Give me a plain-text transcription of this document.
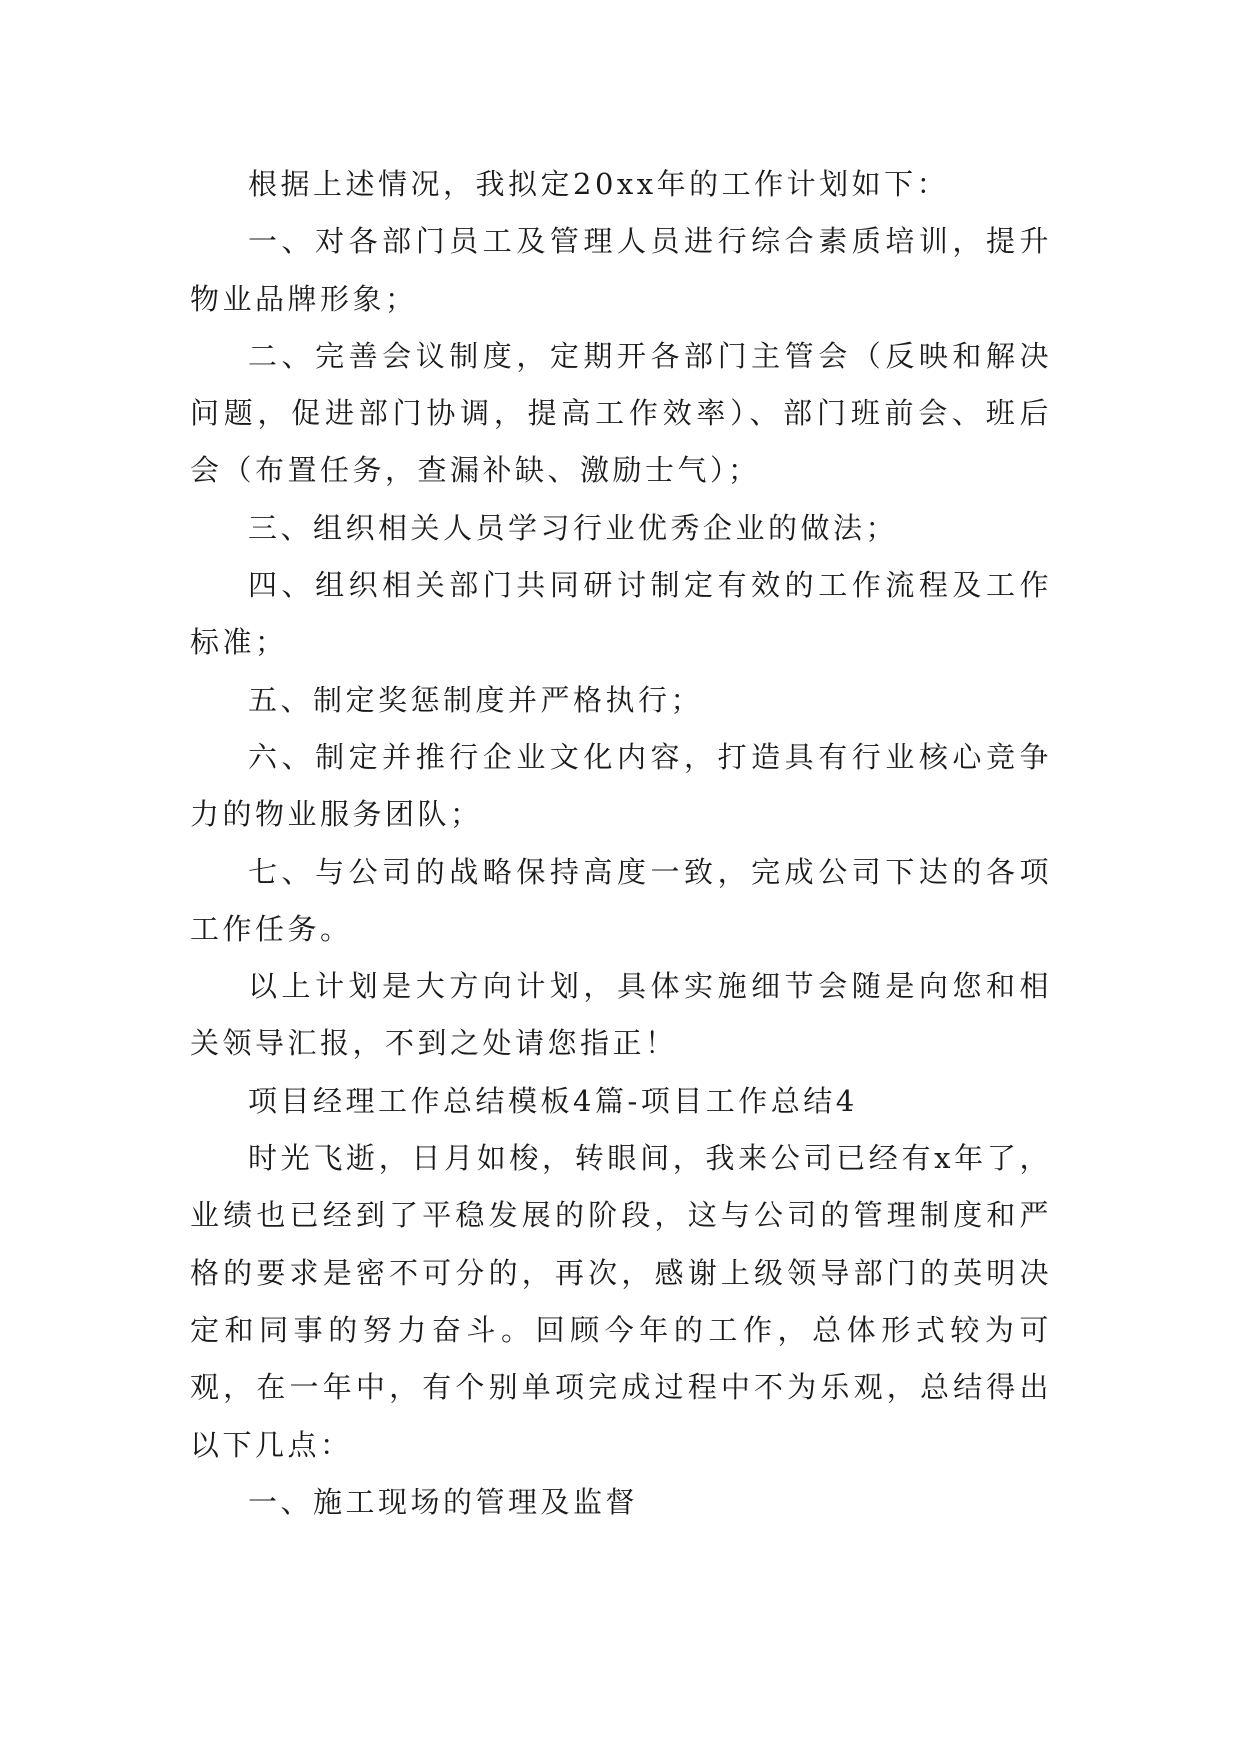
根据上述情况，我拟定20xx年的工作计划如下：

一、对各部门员工及管理人员进行综合素质培训，提升物业品牌形象；

二、完善会议制度，定期开各部门主管会（反映和解决问题，促进部门协调，提高工作效率）、部门班前会、班后会（布置任务，查漏补缺、激励士气）；

三、组织相关人员学习行业优秀企业的做法；

四、组织相关部门共同研讨制定有效的工作流程及工作标准；

五、制定奖惩制度并严格执行；

六、制定并推行企业文化内容，打造具有行业核心竞争力的物业服务团队；

七、与公司的战略保持高度一致，完成公司下达的各项工作任务。

以上计划是大方向计划，具体实施细节会随是向您和相关领导汇报，不到之处请您指正！

项目经理工作总结模板4篇-项目工作总结4

时光飞逝，日月如梭，转眼间，我来公司已经有x年了，业绩也已经到了平稳发展的阶段，这与公司的管理制度和严格的要求是密不可分的，再次，感谢上级领导部门的英明决定和同事的努力奋斗。回顾今年的工作，总体形式较为可观，在一年中，有个别单项完成过程中不为乐观，总结得出以下几点：

一、施工现场的管理及监督
